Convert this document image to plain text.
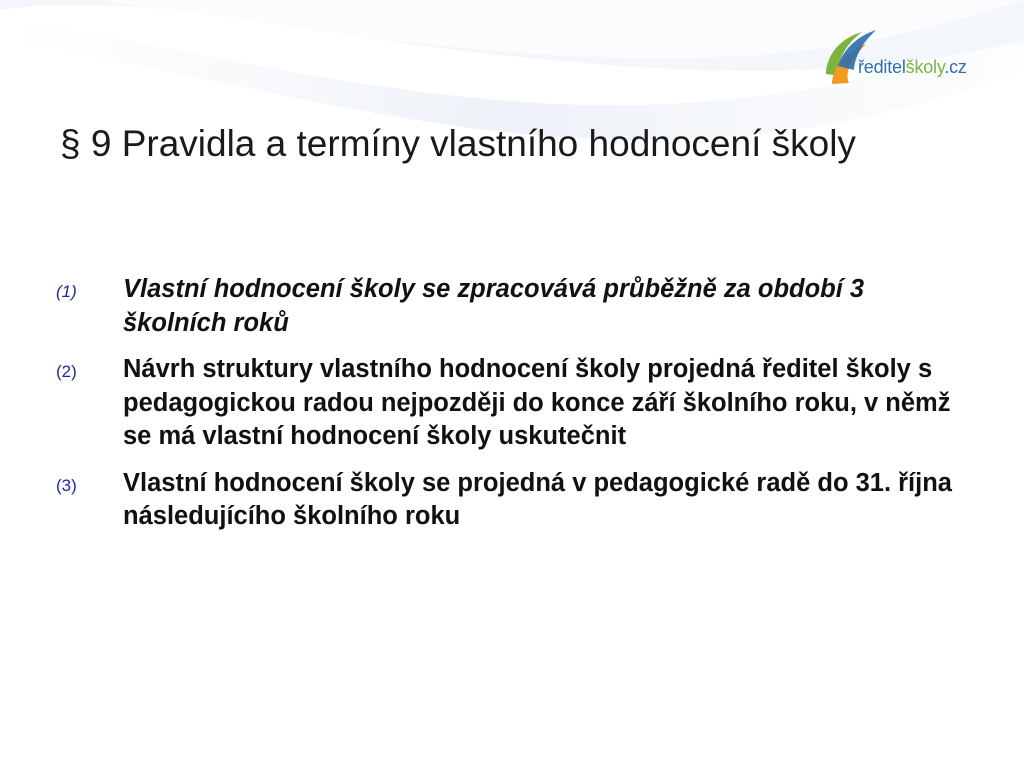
ředitelškoly.cz
§ 9 Pravidla a termíny vlastního hodnocení školy
(1) Vlastní hodnocení školy se zpracovává průběžně za období 3 školních roků
(2) Návrh struktury vlastního hodnocení školy projedná ředitel školy s pedagogickou radou nejpozději do konce září školního roku, v němž se má vlastní hodnocení školy uskutečnit
(3) Vlastní hodnocení školy se projedná v pedagogické radě do 31. října následujícího školního roku
